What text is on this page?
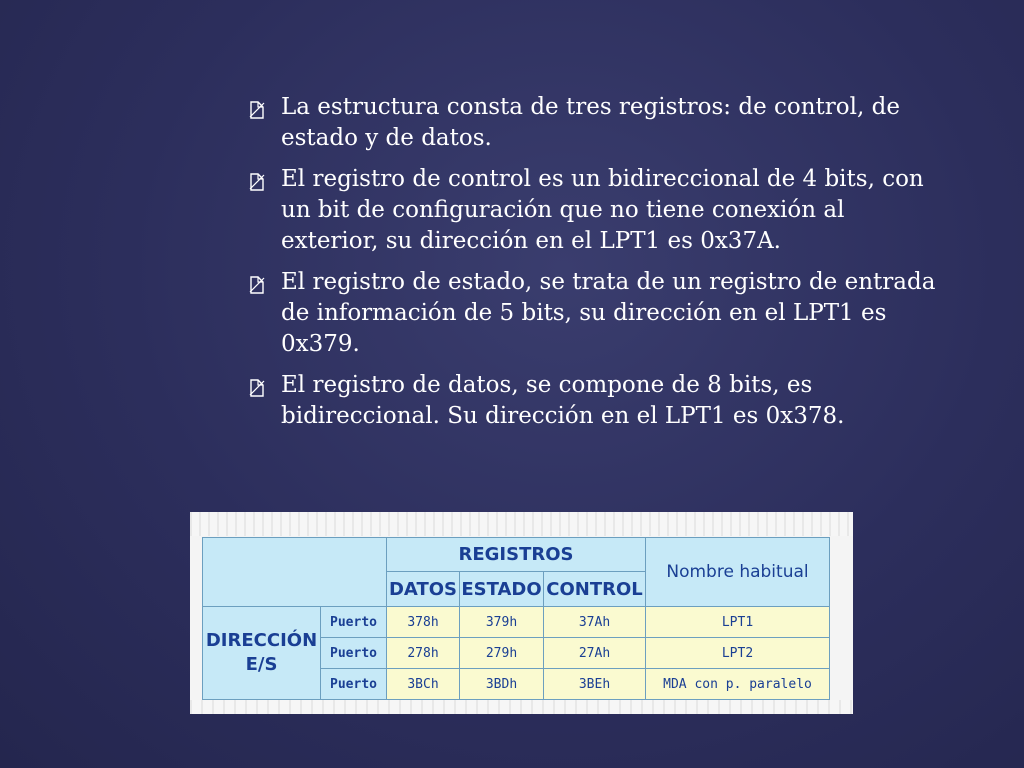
La estructura consta de tres registros: de control, de estado y de datos.
El registro de control es un bidireccional de 4 bits, con un bit de configuración que no tiene conexión al exterior, su dirección en el LPT1 es 0x37A.
El registro de estado, se trata de un registro de entrada de información de 5 bits, su dirección en el LPT1 es 0x379.
El registro de datos, se compone de 8 bits, es bidireccional. Su dirección en el LPT1 es 0x378.
		REGISTROS			Nombre habitual
		DATOS	ESTADO	CONTROL	
DIRECCIÓN
E/S	Puerto	378h	379h	37Ah	LPT1
	Puerto	278h	279h	27Ah	LPT2
	Puerto	3BCh	3BDh	3BEh	MDA con p. paralelo
